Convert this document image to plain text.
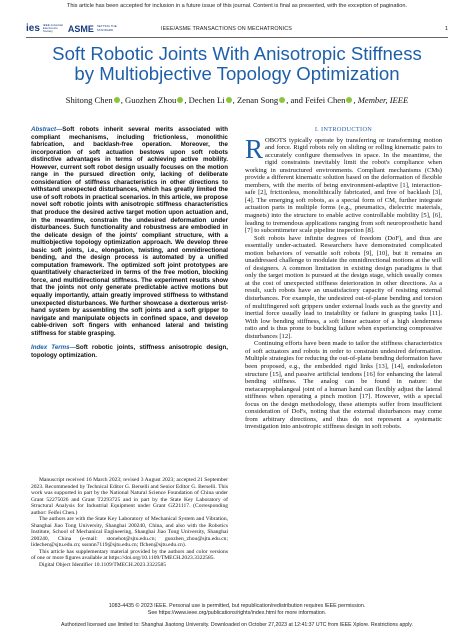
This article has been accepted for inclusion in a future issue of this journal. Content is final as presented, with the exception of pagination.
ies IEEE Industrial Electronics Society	ASME SETTING THE STANDARD	IEEE/ASME TRANSACTIONS ON MECHATRONICS	1
Soft Robotic Joints With Anisotropic Stiffness
by Multiobjective Topology Optimization
Shitong Chen , Guozhen Zhou , Dechen Li , Zenan Song , and Feifei Chen , Member, IEEE
Abstract—Soft robots inherit several merits associated with compliant mechanisms, including frictionless, monolithic fabrication, and backlash-free operation. Moreover, the incorporation of soft actuation bestows upon soft robots distinctive advantages in terms of achieving active mobility. However, current soft robot design usually focuses on the motion range in the pursued direction only, lacking of deliberate consideration of stiffness characteristics in other directions to withstand unexpected disturbances, which has greatly limited the use of soft robots in practical scenarios. In this article, we propose novel soft robotic joints with anisotropic stiffness characteristics that produce the desired active target motion upon actuation and, in the meantime, constrain the undesired deformation under disturbances. Such functionality and robustness are embodied in the delicate design of the joints' compliant structure, with a multiobjective topology optimization approach. We develop three basic soft joints, i.e., elongation, twisting, and omnidirectional bending, and the design process is automated by a unified computation framework. The optimized soft joint prototypes are quantitatively characterized in terms of the free motion, blocking force, and multidirectional stiffness. The experiment results show that the joints not only generate predictable active motions but equally importantly, attain greatly improved stiffness to withstand unexpected disturbances. We further showcase a dexterous wrist-hand system by assembling the soft joints and a soft gripper to navigate and manipulate objects in confined space, and develop cable-driven soft fingers with enhanced lateral and twisting stiffness for stable grasping.
Index Terms—Soft robotic joints, stiffness anisotropic design, topology optimization.

Manuscript received 16 March 2023; revised 3 August 2023; accepted 21 September 2023. Recommended by Technical Editor G. Berselli and Senior Editor G. Berselli. This work was supported in part by the National Natural Science Foundation of China under Grant 52275026 and Grant T2293725 and in part by the State Key Laboratory of Structural Analysis for Industrial Equipment under Grant GZ21117. (Corresponding author: Feifei Chen.)

The authors are with the State Key Laboratory of Mechanical System and Vibration, Shanghai Jiao Tong University, Shanghai 200240, China, and also with the Robotics Institute, School of Mechanical Engineering, Shanghai Jiao Tong University, Shanghai 200240, China (e-mail: stonehot@sjtu.edu.cn; guozhen_zhou@sjtu.edu.cn; lidechen@sjtu.edu.cn; sssnnn7119@sjtu.edu.cn; ffchen@sjtu.edu.cn).

This article has supplementary material provided by the authors and color versions of one or more figures available at https://doi.org/10.1109/TMECH.2023.3322585.

Digital Object Identifier 10.1109/TMECH.2023.3322585

I. INTRODUCTION

ROBOTS typically operate by transferring or transforming motion and force. Rigid robots rely on sliding or rolling kinematic pairs to accurately configure themselves in space. In the meantime, the rigid constraints inevitably limit the robot's compliance when working in unstructured environments. Compliant mechanisms (CMs) provide a different kinematic solution based on the deformation of flexible members, with the merits of being environment-adaptive [1], interaction-safe [2], frictionless, monolithically fabricated, and free of backlash [3], [4]. The emerging soft robots, as a special form of CM, further integrate actuation parts in multiple forms (e.g., pneumatics, dielectric materials, magnets) into the structure to enable active controllable mobility [5], [6], leading to tremendous applications ranging from soft neuroprosthetic hand [7] to subcentimeter scale pipeline inspection [8].

Soft robots have infinite degrees of freedom (DoF), and thus are essentially under-actuated. Researchers have demonstrated complicated motion behaviors of versatile soft robots [9], [10], but it remains an unaddressed challenge to modulate the omnidirectional motions at the will of designers. A common limitation in existing design paradigms is that only the target motion is pursued at the design stage, which usually comes at the cost of unexpected stiffness deterioration in other directions. As a result, such robots have an unsatisfactory capacity of resisting external disturbances. For example, the undesired out-of-plane bending and torsion of multifingered soft grippers under external loads such as the gravity and inertial force usually lead to instability or failure in grasping tasks [11]. With low bending stiffness, a soft linear actuator of a high slenderness ratio and is thus prone to buckling failure when experiencing compressive disturbances [12].

Continuing efforts have been made to tailor the stiffness characteristics of soft actuators and robots in order to constrain undesired deformation. Multiple strategies for reducing the out-of-plane bending deformation have been proposed, e.g., the embedded rigid links [13], [14], endoskeleton structure [15], and passive artificial tendons [16] for enhancing the lateral bending stiffness. The analog can be found in nature: the metacarpophalangeal joint of a human hand can flexibly adjust the lateral stiffness when operating a pinch motion [17]. However, with a special focus on the design methodology, these attempts suffer from insufficient consideration of DoFs, noting that the external disturbances may come from arbitrary directions, and thus do not represent a systematic investigation into anisotropic stiffness design in soft robots.

1083-4435 © 2023 IEEE. Personal use is permitted, but republication/redistribution requires IEEE permission.
See https://www.ieee.org/publications/rights/index.html for more information.
Authorized licensed use limited to: Shanghai Jiaotong University. Downloaded on October 27,2023 at 12:41:37 UTC from IEEE Xplore. Restrictions apply.
